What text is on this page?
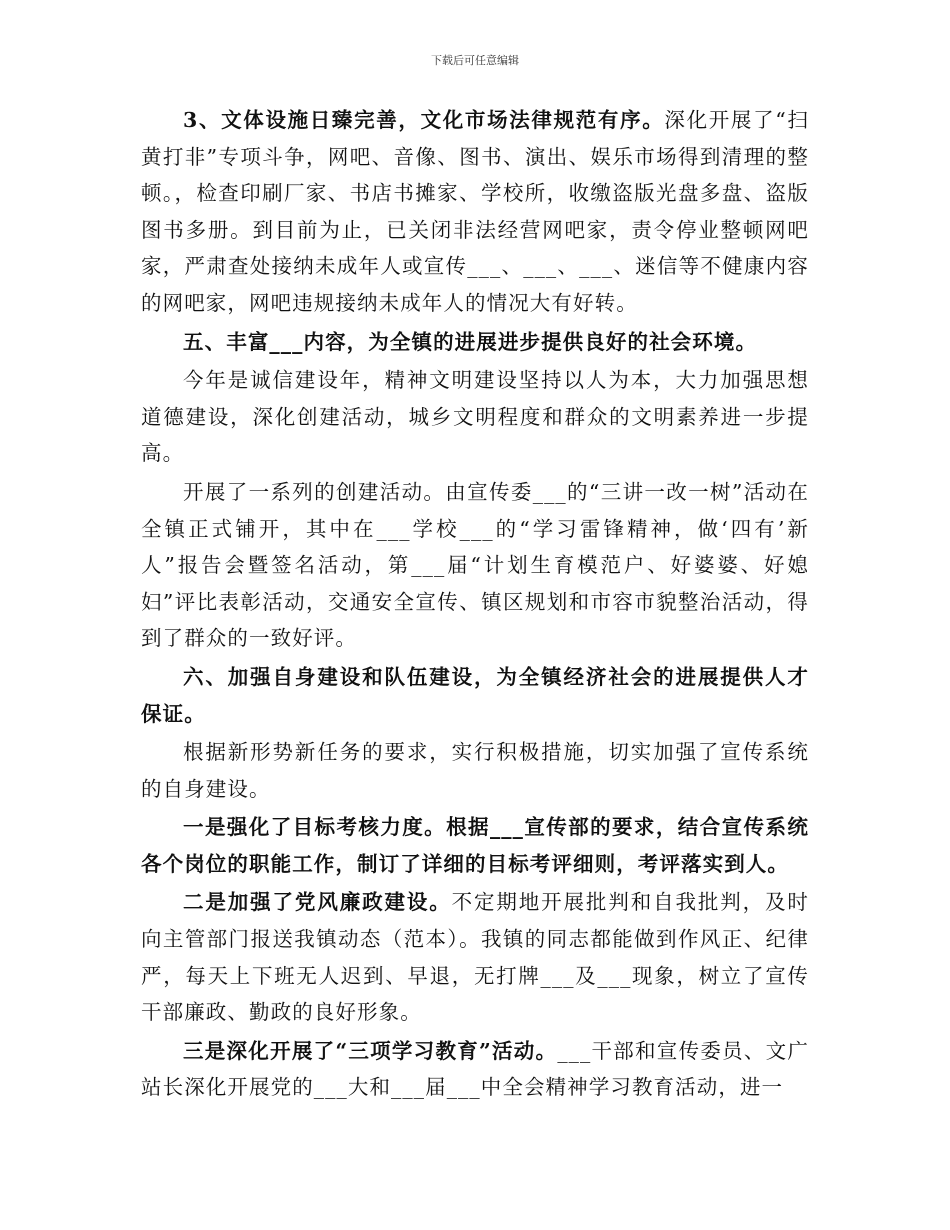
下载后可任意编辑

3、文体设施日臻完善，文化市场法律规范有序。深化开展了“扫黄打非”专项斗争，网吧、音像、图书、演出、娱乐市场得到清理的整顿。，检查印刷厂家、书店书摊家、学校所，收缴盗版光盘多盘、盗版图书多册。到目前为止，已关闭非法经营网吧家，责令停业整顿网吧家，严肃查处接纳未成年人或宣传___、___、___、迷信等不健康内容的网吧家，网吧违规接纳未成年人的情况大有好转。

五、丰富___内容，为全镇的进展进步提供良好的社会环境。

今年是诚信建设年，精神文明建设坚持以人为本，大力加强思想道德建设，深化创建活动，城乡文明程度和群众的文明素养进一步提高。

开展了一系列的创建活动。由宣传委___的“三讲一改一树”活动在全镇正式铺开，其中在___学校___的“学习雷锋精神，做‘四有’新人”报告会暨签名活动，第___届“计划生育模范户、好婆婆、好媳妇”评比表彰活动，交通安全宣传、镇区规划和市容市貌整治活动，得到了群众的一致好评。

六、加强自身建设和队伍建设，为全镇经济社会的进展提供人才保证。

根据新形势新任务的要求，实行积极措施，切实加强了宣传系统的自身建设。

一是强化了目标考核力度。根据___宣传部的要求，结合宣传系统各个岗位的职能工作，制订了详细的目标考评细则，考评落实到人。

二是加强了党风廉政建设。不定期地开展批判和自我批判，及时向主管部门报送我镇动态（范本）。我镇的同志都能做到作风正、纪律严，每天上下班无人迟到、早退，无打牌___及___现象，树立了宣传干部廉政、勤政的良好形象。

三是深化开展了“三项学习教育”活动。___干部和宣传委员、文广站长深化开展党的___大和___届___中全会精神学习教育活动，进一
